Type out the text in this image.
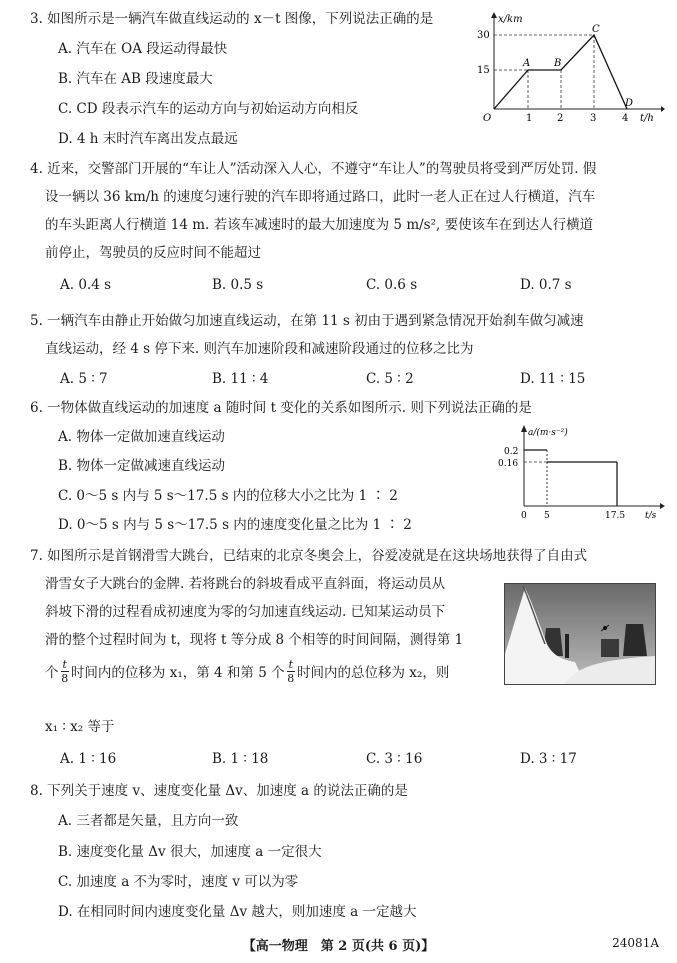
3. 如图所示是一辆汽车做直线运动的 x－t 图像，下列说法正确的是
A. 汽车在 OA 段运动得最快
B. 汽车在 AB 段速度最大
C. CD 段表示汽车的运动方向与初始运动方向相反
D. 4 h 末时汽车离出发点最远
x/km
t/h
O
30
15
1 2	3	4
A B
C
D
4. 近来，交警部门开展的“车让人”活动深入人心，不遵守“车让人”的驾驶员将受到严厉处罚. 假
设一辆以 36 km/h 的速度匀速行驶的汽车即将通过路口，此时一老人正在过人行横道，汽车
的车头距离人行横道 14 m. 若该车减速时的最大加速度为 5 m/s², 要使该车在到达人行横道
前停止，驾驶员的反应时间不能超过
A. 0.4 s	B. 0.5 s	C. 0.6 s	D. 0.7 s
5. 一辆汽车由静止开始做匀加速直线运动，在第 11 s 初由于遇到紧急情况开始刹车做匀减速
直线运动，经 4 s 停下来. 则汽车加速阶段和减速阶段通过的位移之比为
A. 5 ∶ 7	B. 11 ∶ 4	C. 5 ∶ 2	D. 11 ∶ 15
6. 一物体做直线运动的加速度 a 随时间 t 变化的关系如图所示. 则下列说法正确的是
A. 物体一定做加速直线运动
B. 物体一定做减速直线运动
C. 0～5 s 内与 5 s～17.5 s 内的位移大小之比为 1 ∶ 2
D. 0～5 s 内与 5 s～17.5 s 内的速度变化量之比为 1 ∶ 2
a/(m·s⁻²)
t/s
0.2
0.16
0 5	17.5
7. 如图所示是首钢滑雪大跳台，已结束的北京冬奥会上，谷爱凌就是在这块场地获得了自由式
滑雪女子大跳台的金牌. 若将跳台的斜坡看成平直斜面，将运动员从
斜坡下滑的过程看成初速度为零的匀加速直线运动. 已知某运动员下
滑的整个过程时间为 t，现将 t 等分成 8 个相等的时间间隔，测得第 1
个 $\frac{t}{8}$ 时间内的位移为 x₁，第 4 和第 5 个 $\frac{t}{8}$ 时间内的总位移为 x₂，则
x₁ ∶ x₂ 等于
A. 1 ∶ 16	B. 1 ∶ 18	C. 3 ∶ 16	D. 3 ∶ 17
8. 下列关于速度 v、速度变化量 Δv、加速度 a 的说法正确的是
A. 三者都是矢量，且方向一致
B. 速度变化量 Δv 很大，加速度 a 一定很大
C. 加速度 a 不为零时，速度 v 可以为零
D. 在相同时间内速度变化量 Δv 越大，则加速度 a 一定越大
【高一物理　第 2 页(共 6 页)】	24081A
